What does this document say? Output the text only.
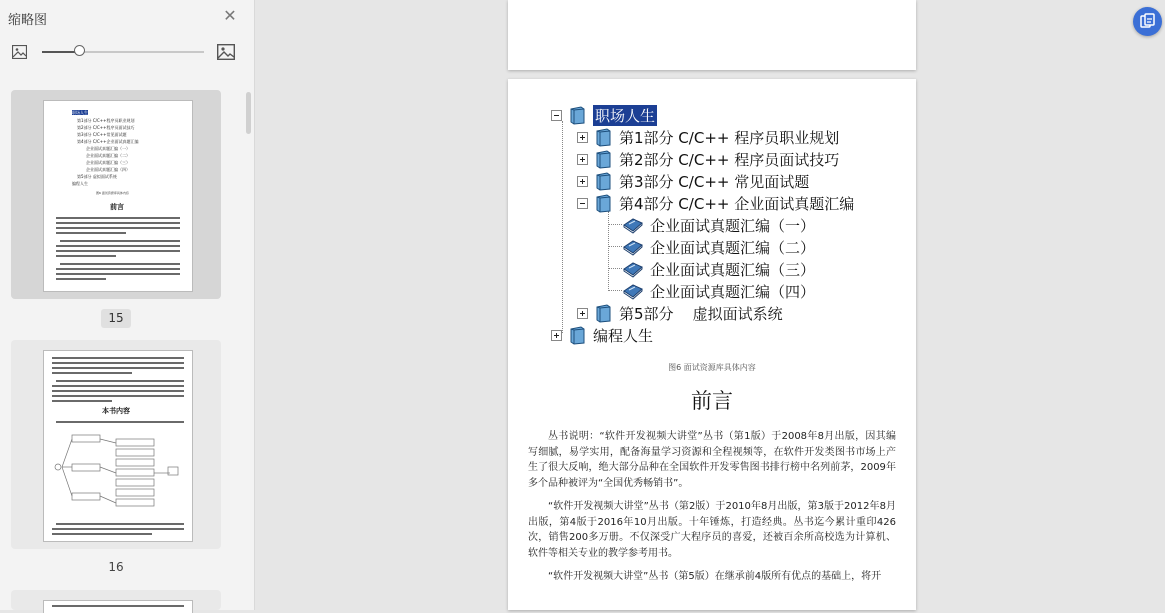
缩略图	✕
职场人生
第1部分 C/C++程序员职业规划
第2部分 C/C++程序员面试技巧
第3部分 C/C++常见面试题
第4部分 C/C++企业面试真题汇编
企业面试真题汇编（一）
企业面试真题汇编（二）
企业面试真题汇编（三）
企业面试真题汇编（四）
第5部分 虚拟面试系统
编程人生
图6 面试资源库具体内容
前言
15
本书内容
16
职场人生
第1部分 C/C++ 程序员职业规划
第2部分 C/C++ 程序员面试技巧
第3部分 C/C++ 常见面试题
第4部分 C/C++ 企业面试真题汇编
企业面试真题汇编（一）
企业面试真题汇编（二）
企业面试真题汇编（三）
企业面试真题汇编（四）
第5部分    虚拟面试系统
编程人生
图6 面试资源库具体内容
前言
丛书说明：“软件开发视频大讲堂”丛书（第1版）于2008年8月出版，因其编写细腻，易学实用，配备海量学习资源和全程视频等，在软件开发类图书市场上产生了很大反响，绝大部分品种在全国软件开发零售图书排行榜中名列前茅，2009年多个品种被评为“全国优秀畅销书”。
“软件开发视频大讲堂”丛书（第2版）于2010年8月出版，第3版于2012年8月出版，第4版于2016年10月出版。十年锤炼，打造经典。丛书迄今累计重印426次，销售200多万册。不仅深受广大程序员的喜爱，还被百余所高校选为计算机、软件等相关专业的教学参考用书。
“软件开发视频大讲堂”丛书（第5版）在继承前4版所有优点的基础上，将开
